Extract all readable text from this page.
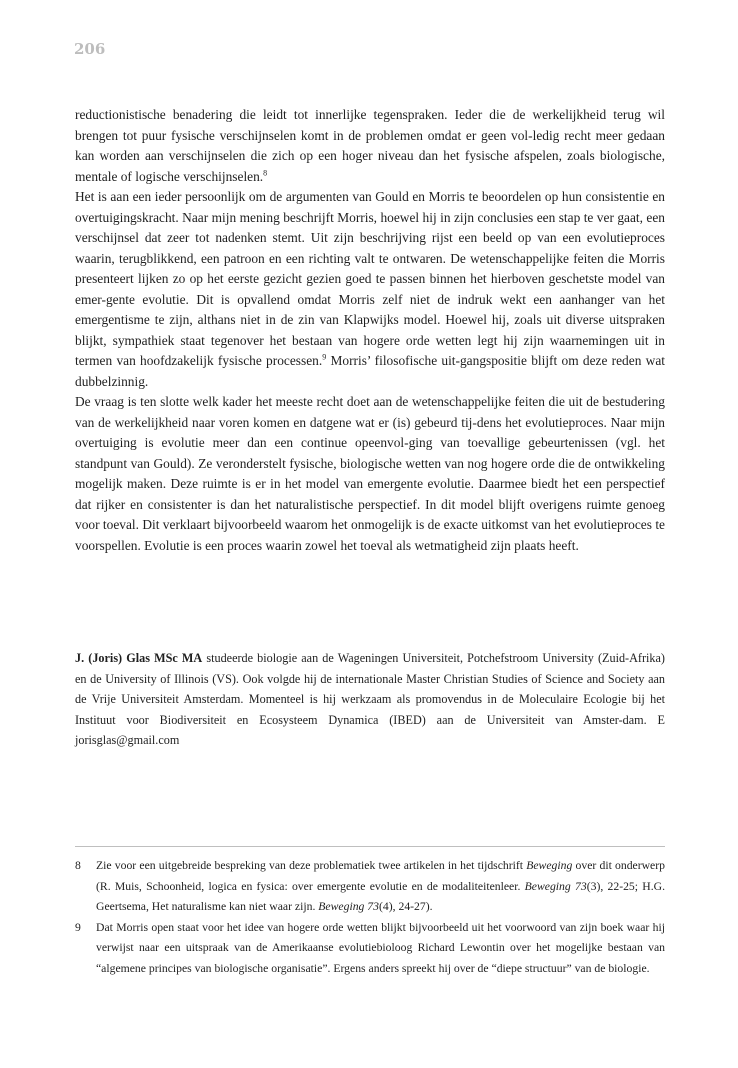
206

reductionistische benadering die leidt tot innerlijke tegenspraken. Ieder die de werkelijkheid terug wil brengen tot puur fysische verschijnselen komt in de problemen omdat er geen vol-ledig recht meer gedaan kan worden aan verschijnselen die zich op een hoger niveau dan het fysische afspelen, zoals biologische, mentale of logische verschijnselen.$^8$

Het is aan een ieder persoonlijk om de argumenten van Gould en Morris te beoordelen op hun consistentie en overtuigingskracht. Naar mijn mening beschrijft Morris, hoewel hij in zijn conclusies een stap te ver gaat, een verschijnsel dat zeer tot nadenken stemt. Uit zijn beschrijving rijst een beeld op van een evolutieproces waarin, terugblikkend, een patroon en een richting valt te ontwaren. De wetenschappelijke feiten die Morris presenteert lijken zo op het eerste gezicht gezien goed te passen binnen het hierboven geschetste model van emer-gente evolutie. Dit is opvallend omdat Morris zelf niet de indruk wekt een aanhanger van het emergentisme te zijn, althans niet in de zin van Klapwijks model. Hoewel hij, zoals uit diverse uitspraken blijkt, sympathiek staat tegenover het bestaan van hogere orde wetten legt hij zijn waarnemingen uit in termen van hoofdzakelijk fysische processen.$^9$ Morris’ filosofische uit-gangspositie blijft om deze reden wat dubbelzinnig.

De vraag is ten slotte welk kader het meeste recht doet aan de wetenschappelijke feiten die uit de bestudering van de werkelijkheid naar voren komen en datgene wat er (is) gebeurd tij-dens het evolutieproces. Naar mijn overtuiging is evolutie meer dan een continue opeenvol-ging van toevallige gebeurtenissen (vgl. het standpunt van Gould). Ze veronderstelt fysische, biologische wetten van nog hogere orde die de ontwikkeling mogelijk maken. Deze ruimte is er in het model van emergente evolutie. Daarmee biedt het een perspectief dat rijker en consistenter is dan het naturalistische perspectief. In dit model blijft overigens ruimte genoeg voor toeval. Dit verklaart bijvoorbeeld waarom het onmogelijk is de exacte uitkomst van het evolutieproces te voorspellen. Evolutie is een proces waarin zowel het toeval als wetmatigheid zijn plaats heeft.

J. (Joris) Glas MSc MA studeerde biologie aan de Wageningen Universiteit, Potchefstroom University (Zuid-Afrika) en de University of Illinois (VS). Ook volgde hij de internationale Master Christian Studies of Science and Society aan de Vrije Universiteit Amsterdam. Momenteel is hij werkzaam als promovendus in de Moleculaire Ecologie bij het Instituut voor Biodiversiteit en Ecosysteem Dynamica (IBED) aan de Universiteit van Amster-dam. E jorisglas@gmail.com
8	Zie voor een uitgebreide bespreking van deze problematiek twee artikelen in het tijdschrift Beweging over dit onderwerp (R. Muis, Schoonheid, logica en fysica: over emergente evolutie en de modaliteitenleer. Beweging 73(3), 22-25; H.G. Geertsema, Het naturalisme kan niet waar zijn. Beweging 73(4), 24-27).
9	Dat Morris open staat voor het idee van hogere orde wetten blijkt bijvoorbeeld uit het voorwoord van zijn boek waar hij verwijst naar een uitspraak van de Amerikaanse evolutiebioloog Richard Lewontin over het mogelijke bestaan van “algemene principes van biologische organisatie”. Ergens anders spreekt hij over de “diepe structuur” van de biologie.
